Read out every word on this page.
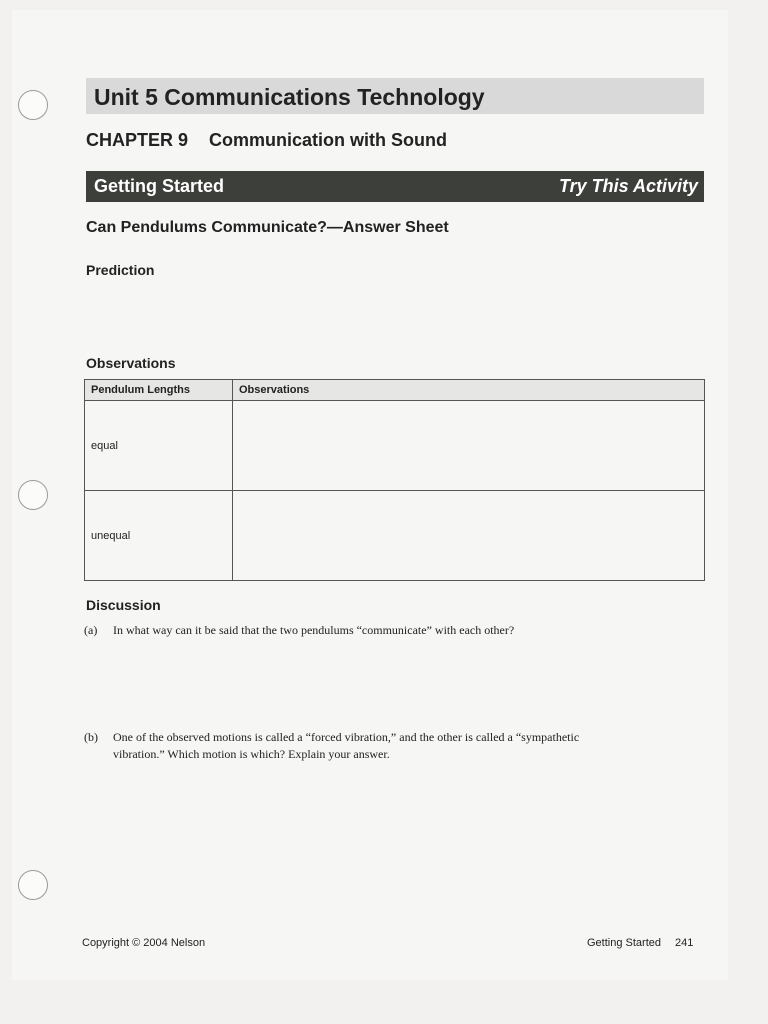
Unit 5 Communications Technology
CHAPTER 9 Communication with Sound
Getting Started	Try This Activity
Can Pendulums Communicate?—Answer Sheet
Prediction
Observations
Pendulum Lengths	Observations
equal	
unequal	
Discussion
(a) In what way can it be said that the two pendulums “communicate” with each other?
(b) One of the observed motions is called a “forced vibration,” and the other is called a “sympathetic vibration.” Which motion is which? Explain your answer.
Copyright © 2004 Nelson	Getting Started 241
